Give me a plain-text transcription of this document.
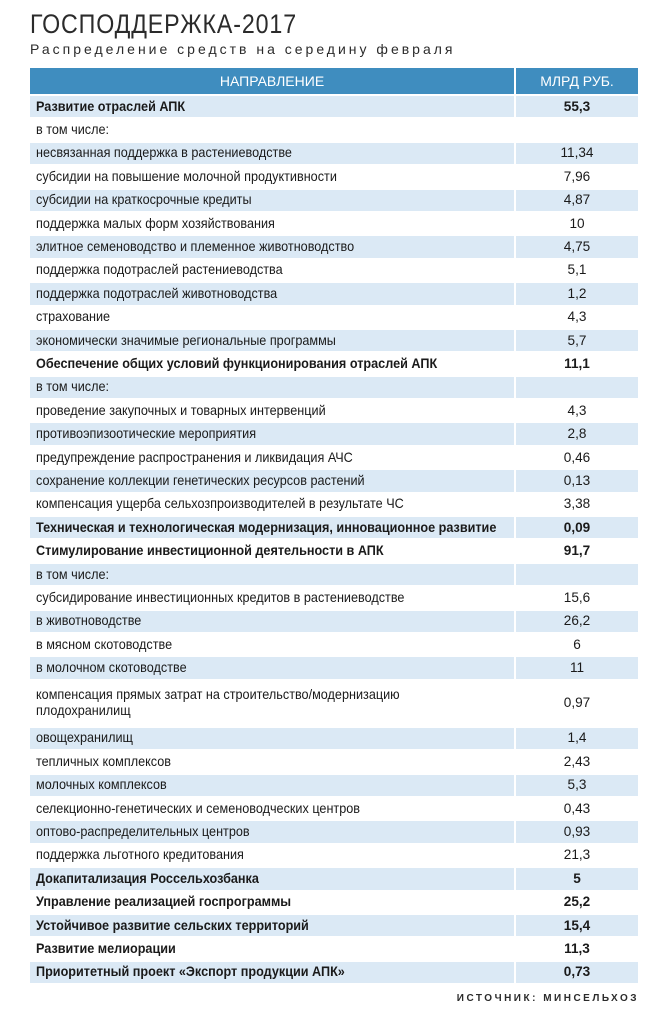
ГОСПОДДЕРЖКА-2017
Распределение средств на середину февраля
НАПРАВЛЕНИЕ	МЛРД РУБ.
Развитие отраслей АПК	55,3
в том числе:	
несвязанная поддержка в растениеводстве	11,34
субсидии на повышение молочной продуктивности	7,96
субсидии на краткосрочные кредиты	4,87
поддержка малых форм хозяйствования	10
элитное семеноводство и племенное животноводство	4,75
поддержка подотраслей растениеводства	5,1
поддержка подотраслей животноводства	1,2
страхование	4,3
экономически значимые региональные программы	5,7
Обеспечение общих условий функционирования отраслей АПК	11,1
в том числе:	
проведение закупочных и товарных интервенций	4,3
противоэпизоотические мероприятия	2,8
предупреждение распространения и ликвидация АЧС	0,46
сохранение коллекции генетических ресурсов растений	0,13
компенсация ущерба сельхозпроизводителей в результате ЧС	3,38
Техническая и технологическая модернизация, инновационное развитие	0,09
Стимулирование инвестиционной деятельности в АПК	91,7
в том числе:	
субсидирование инвестиционных кредитов в растениеводстве	15,6
в животноводстве	26,2
в мясном скотоводстве	6
в молочном скотоводстве	11
компенсация прямых затрат на строительство/модернизацию плодохранилищ	0,97
овощехранилищ	1,4
тепличных комплексов	2,43
молочных комплексов	5,3
селекционно-генетических и семеноводческих центров	0,43
оптово-распределительных центров	0,93
поддержка льготного кредитования	21,3
Докапитализация Россельхозбанка	5
Управление реализацией госпрограммы	25,2
Устойчивое развитие сельских территорий	15,4
Развитие мелиорации	11,3
Приоритетный проект «Экспорт продукции АПК»	0,73
ИСТОЧНИК: МИНСЕЛЬХОЗ
